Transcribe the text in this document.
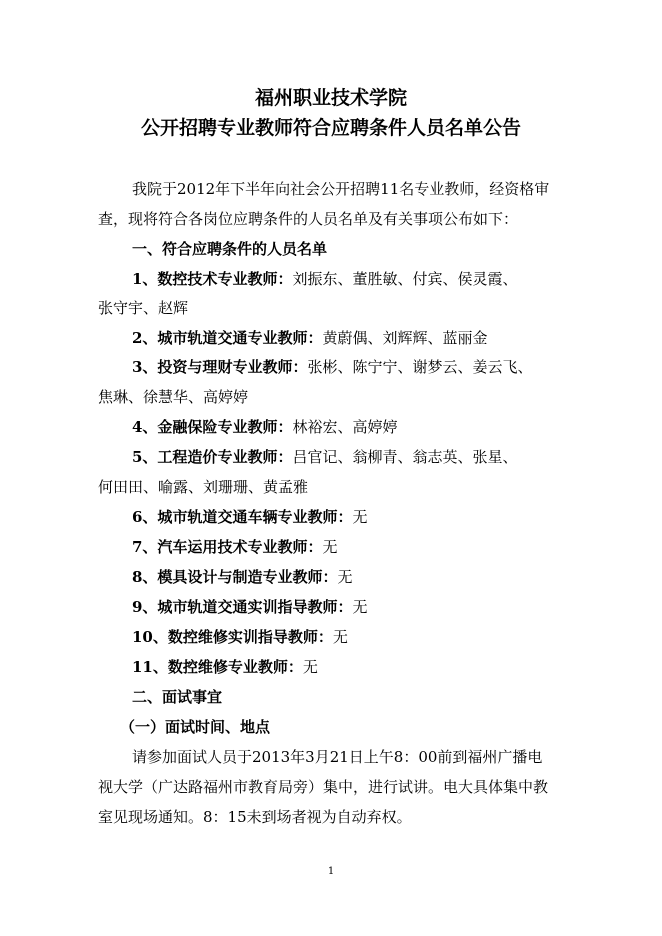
福州职业技术学院
公开招聘专业教师符合应聘条件人员名单公告
我院于2012年下半年向社会公开招聘11名专业教师，经资格审
查，现将符合各岗位应聘条件的人员名单及有关事项公布如下：
一、符合应聘条件的人员名单
1、数控技术专业教师：刘振东、董胜敏、付宾、侯灵霞、
张守宇、赵辉
2、城市轨道交通专业教师：黄蔚偶、刘辉辉、蓝丽金
3、投资与理财专业教师：张彬、陈宁宁、谢梦云、姜云飞、
焦琳、徐慧华、高婷婷
4、金融保险专业教师：林裕宏、高婷婷
5、工程造价专业教师：吕官记、翁柳青、翁志英、张星、
何田田、喻露、刘珊珊、黄孟雅
6、城市轨道交通车辆专业教师：无
7、汽车运用技术专业教师：无
8、模具设计与制造专业教师：无
9、城市轨道交通实训指导教师：无
10、数控维修实训指导教师：无
11、数控维修专业教师：无
二、面试事宜
（一）面试时间、地点
请参加面试人员于2013年3月21日上午8：00前到福州广播电
视大学（广达路福州市教育局旁）集中，进行试讲。电大具体集中教
室见现场通知。8：15未到场者视为自动弃权。
1
